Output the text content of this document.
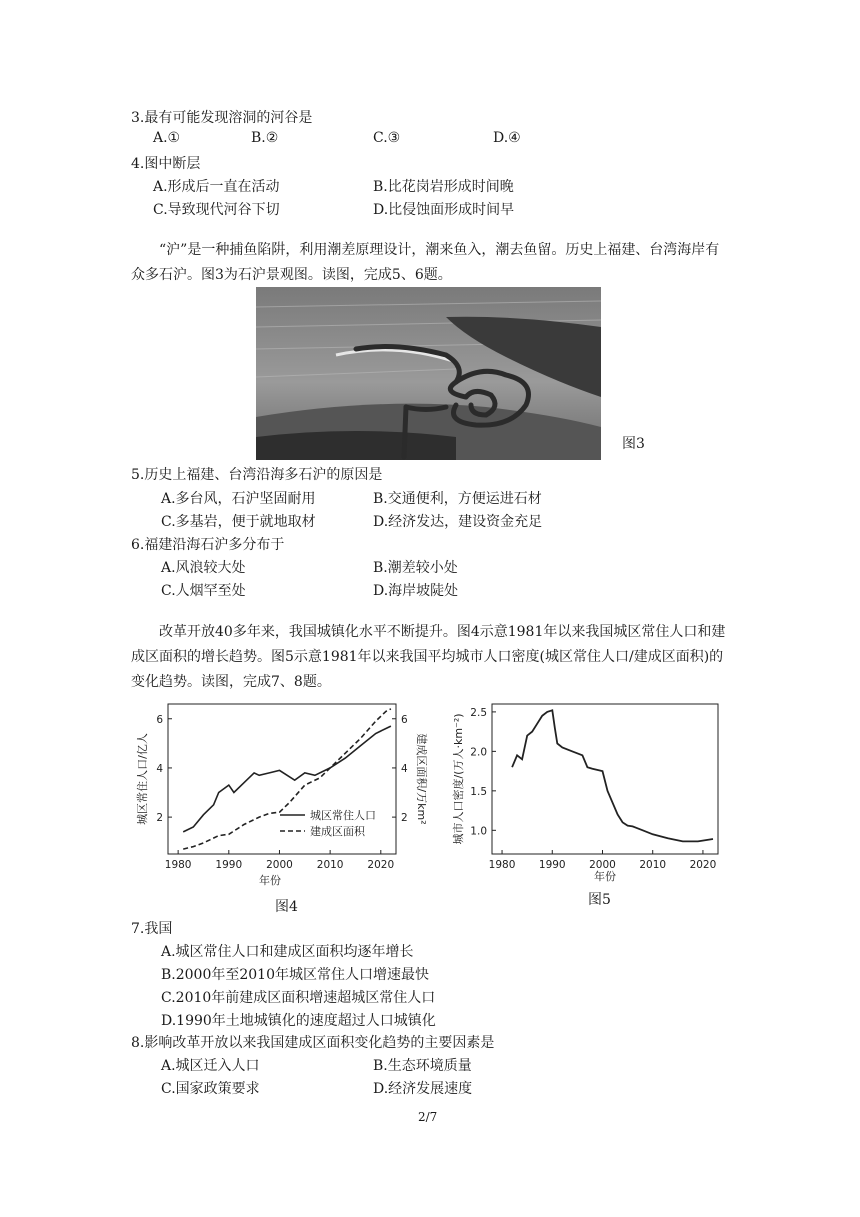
3.最有可能发现溶洞的河谷是
A.①	B.②	C.③	D.④
4.图中断层
A.形成后一直在活动	B.比花岗岩形成时间晚
C.导致现代河谷下切	D.比侵蚀面形成时间早
“沪”是一种捕鱼陷阱，利用潮差原理设计，潮来鱼入，潮去鱼留。历史上福建、台湾海岸有众多石沪。图3为石沪景观图。读图，完成5、6题。
图3
5.历史上福建、台湾沿海多石沪的原因是
A.多台风，石沪坚固耐用	B.交通便利，方便运进石材
C.多基岩，便于就地取材	D.经济发达，建设资金充足
6.福建沿海石沪多分布于
A.风浪较大处	B.潮差较小处
C.人烟罕至处	D.海岸坡陡处
改革开放40多年来，我国城镇化水平不断提升。图4示意1981年以来我国城区常住人口和建成区面积的增长趋势。图5示意1981年以来我国平均城市人口密度(城区常住人口/建成区面积)的变化趋势。读图，完成7、8题。
1980 1990 2000 2010 2020
2
4
6
2
4
6
城区常住人口
建成区面积
年份
城区常住人口/亿人	建成区面积/万km²
图4
1980 1990 2000 2010 2020
1.0
1.5
2.0
2.5
年份
城市人口密度/(万人·km⁻²)
图5
7.我国
A.城区常住人口和建成区面积均逐年增长
B.2000年至2010年城区常住人口增速最快
C.2010年前建成区面积增速超城区常住人口
D.1990年土地城镇化的速度超过人口城镇化
8.影响改革开放以来我国建成区面积变化趋势的主要因素是
A.城区迁入人口	B.生态环境质量
C.国家政策要求	D.经济发展速度
2/7
